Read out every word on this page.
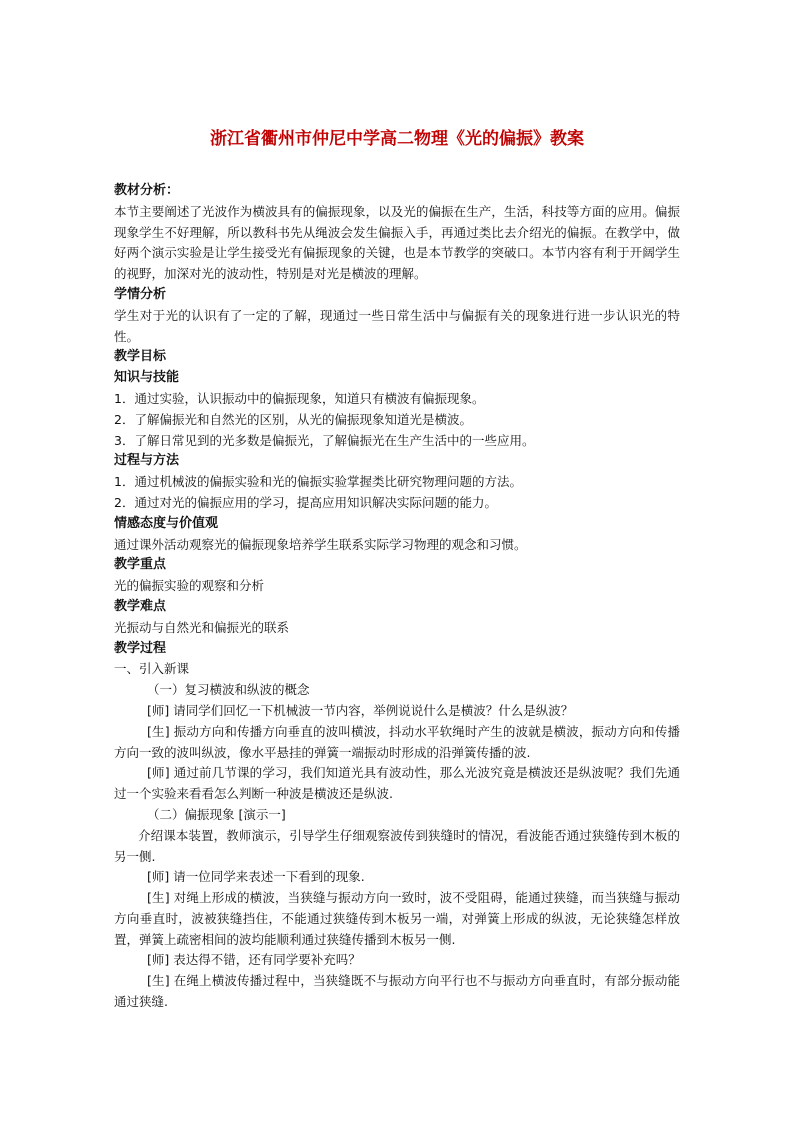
浙江省衢州市仲尼中学高二物理《光的偏振》教案

教材分析：

本节主要阐述了光波作为横波具有的偏振现象，以及光的偏振在生产，生活，科技等方面的应用。偏振现象学生不好理解，所以教科书先从绳波会发生偏振入手，再通过类比去介绍光的偏振。在教学中，做好两个演示实验是让学生接受光有偏振现象的关键，也是本节教学的突破口。本节内容有利于开阔学生的视野，加深对光的波动性，特别是对光是横波的理解。

学情分析

学生对于光的认识有了一定的了解，现通过一些日常生活中与偏振有关的现象进行进一步认识光的特性。

教学目标

知识与技能

1．通过实验，认识振动中的偏振现象，知道只有横波有偏振现象。

2．了解偏振光和自然光的区别，从光的偏振现象知道光是横波。

3．了解日常见到的光多数是偏振光，了解偏振光在生产生活中的一些应用。

过程与方法

1．通过机械波的偏振实验和光的偏振实验掌握类比研究物理问题的方法。

2．通过对光的偏振应用的学习，提高应用知识解决实际问题的能力。

情感态度与价值观

通过课外活动观察光的偏振现象培养学生联系实际学习物理的观念和习惯。

教学重点

光的偏振实验的观察和分析

教学难点

光振动与自然光和偏振光的联系

教学过程

一、引入新课

（一）复习横波和纵波的概念

[师] 请同学们回忆一下机械波一节内容，举例说说什么是横波？什么是纵波？

[生] 振动方向和传播方向垂直的波叫横波，抖动水平软绳时产生的波就是横波，振动方向和传播方向一致的波叫纵波，像水平悬挂的弹簧一端振动时形成的沿弹簧传播的波.

[师] 通过前几节课的学习，我们知道光具有波动性，那么光波究竟是横波还是纵波呢？我们先通过一个实验来看看怎么判断一种波是横波还是纵波.

（二）偏振现象 [演示一]

介绍课本装置，教师演示，引导学生仔细观察波传到狭缝时的情况，看波能否通过狭缝传到木板的另一侧.

[师] 请一位同学来表述一下看到的现象.

[生] 对绳上形成的横波，当狭缝与振动方向一致时，波不受阻碍，能通过狭缝，而当狭缝与振动方向垂直时，波被狭缝挡住，不能通过狭缝传到木板另一端，对弹簧上形成的纵波，无论狭缝怎样放置，弹簧上疏密相间的波均能顺利通过狭缝传播到木板另一侧.

[师] 表达得不错，还有同学要补充吗？

[生] 在绳上横波传播过程中，当狭缝既不与振动方向平行也不与振动方向垂直时，有部分振动能通过狭缝.
